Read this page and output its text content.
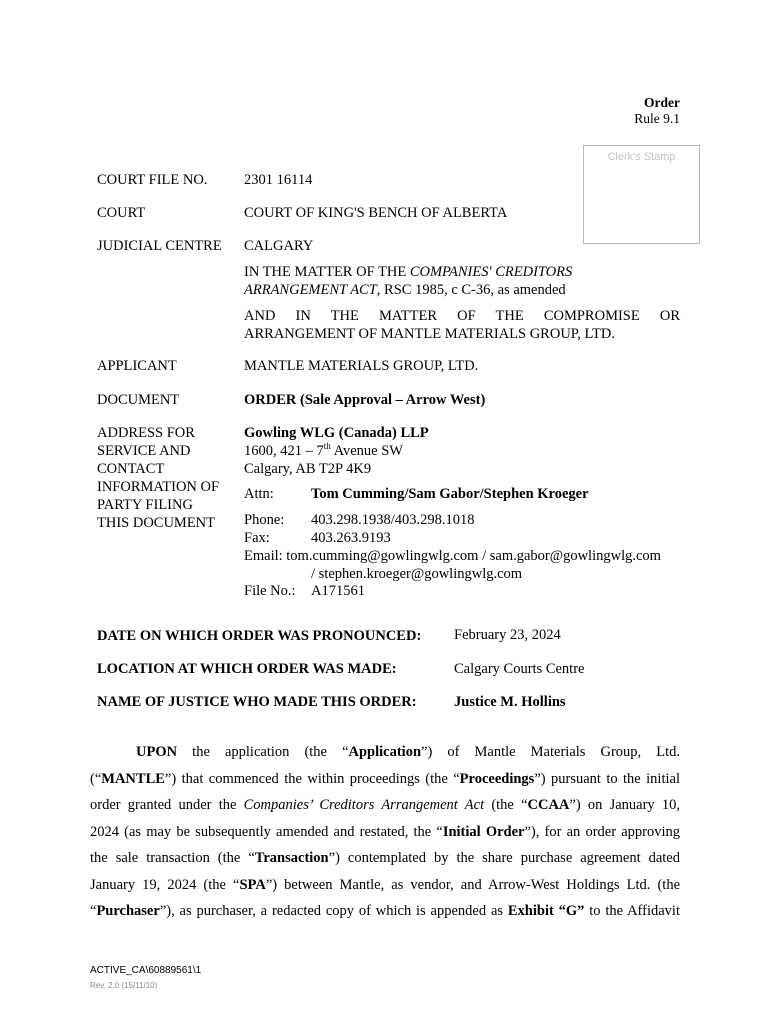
Order
Rule 9.1
Clerk's Stamp
COURT FILE NO.	2301 16114
COURT	COURT OF KING'S BENCH OF ALBERTA
JUDICIAL CENTRE	CALGARY
IN THE MATTER OF THE COMPANIES' CREDITORS
ARRANGEMENT ACT, RSC 1985, c C-36, as amended
AND IN THE MATTER OF THE COMPROMISE OR
ARRANGEMENT OF MANTLE MATERIALS GROUP, LTD.
APPLICANT	MANTLE MATERIALS GROUP, LTD.
DOCUMENT	ORDER (Sale Approval – Arrow West)
ADDRESS FOR
SERVICE AND
CONTACT
INFORMATION OF
PARTY FILING
THIS DOCUMENT
Gowling WLG (Canada) LLP
1600, 421 – 7th Avenue SW
Calgary, AB T2P 4K9
Attn:	Tom Cumming/Sam Gabor/Stephen Kroeger
Phone: 403.298.1938/403.298.1018
Fax:	403.263.9193
Email: tom.cumming@gowlingwlg.com / sam.gabor@gowlingwlg.com
/ stephen.kroeger@gowlingwlg.com
File No.: A171561
DATE ON WHICH ORDER WAS PRONOUNCED: February 23, 2024
LOCATION AT WHICH ORDER WAS MADE:	Calgary Courts Centre
NAME OF JUSTICE WHO MADE THIS ORDER:	Justice M. Hollins
UPON the application (the “Application”) of Mantle Materials Group, Ltd.
(“MANTLE”) that commenced the within proceedings (the “Proceedings”) pursuant to the initial
order granted under the Companies’ Creditors Arrangement Act (the “CCAA”) on January 10,
2024 (as may be subsequently amended and restated, the “Initial Order”), for an order approving
the sale transaction (the “Transaction”) contemplated by the share purchase agreement dated
January 19, 2024 (the “SPA”) between Mantle, as vendor, and Arrow-West Holdings Ltd. (the
“Purchaser”), as purchaser, a redacted copy of which is appended as Exhibit “G” to the Affidavit
ACTIVE_CA\60889561\1
Rev. 2.0 (15/11/10)
